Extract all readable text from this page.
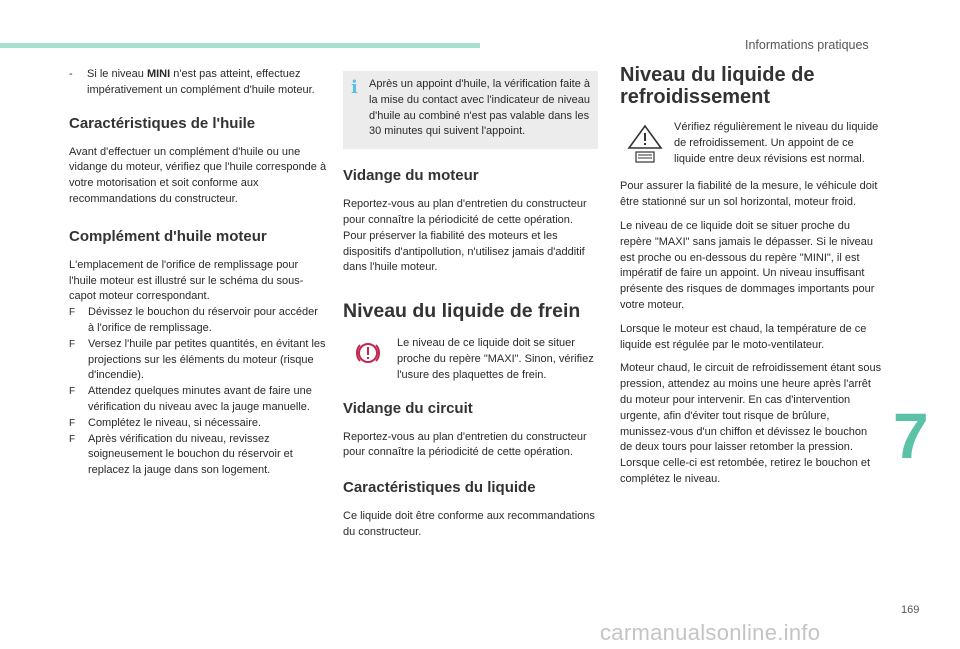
Informations pratiques
7
169
carmanualsonline.info
- Si le niveau MINI n'est pas atteint, effectuez impérativement un complément d'huile moteur.
Caractéristiques de l'huile

Avant d'effectuer un complément d'huile ou une vidange du moteur, vérifiez que l'huile corresponde à votre motorisation et soit conforme aux recommandations du constructeur.

Complément d'huile moteur

L'emplacement de l'orifice de remplissage pour l'huile moteur est illustré sur le schéma du sous-capot moteur correspondant.

F Dévissez le bouchon du réservoir pour accéder à l'orifice de remplissage.
F Versez l'huile par petites quantités, en évitant les projections sur les éléments du moteur (risque d'incendie).
F Attendez quelques minutes avant de faire une vérification du niveau avec la jauge manuelle.
F Complétez le niveau, si nécessaire.
F Après vérification du niveau, revissez soigneusement le bouchon du réservoir et replacez la jauge dans son logement.
i Après un appoint d'huile, la vérification faite à la mise du contact avec l'indicateur de niveau d'huile au combiné n'est pas valable dans les 30 minutes qui suivent l'appoint.
Vidange du moteur

Reportez-vous au plan d'entretien du constructeur pour connaître la périodicité de cette opération.

Pour préserver la fiabilité des moteurs et les dispositifs d'antipollution, n'utilisez jamais d'additif dans l'huile moteur.

Niveau du liquide de frein
Le niveau de ce liquide doit se situer proche du repère "MAXI". Sinon, vérifiez l'usure des plaquettes de frein.
Vidange du circuit

Reportez-vous au plan d'entretien du constructeur pour connaître la périodicité de cette opération.

Caractéristiques du liquide

Ce liquide doit être conforme aux recommandations du constructeur.

Niveau du liquide de refroidissement
Vérifiez régulièrement le niveau du liquide de refroidissement. Un appoint de ce liquide entre deux révisions est normal.

Pour assurer la fiabilité de la mesure, le véhicule doit être stationné sur un sol horizontal, moteur froid.

Le niveau de ce liquide doit se situer proche du repère "MAXI" sans jamais le dépasser. Si le niveau est proche ou en-dessous du repère "MINI", il est impératif de faire un appoint. Un niveau insuffisant présente des risques de dommages importants pour votre moteur.

Lorsque le moteur est chaud, la température de ce liquide est régulée par le moto-ventilateur.

Moteur chaud, le circuit de refroidissement étant sous pression, attendez au moins une heure après l'arrêt du moteur pour intervenir. En cas d'intervention urgente, afin d'éviter tout risque de brûlure, munissez-vous d'un chiffon et dévissez le bouchon de deux tours pour laisser retomber la pression. Lorsque celle-ci est retombée, retirez le bouchon et complétez le niveau.
